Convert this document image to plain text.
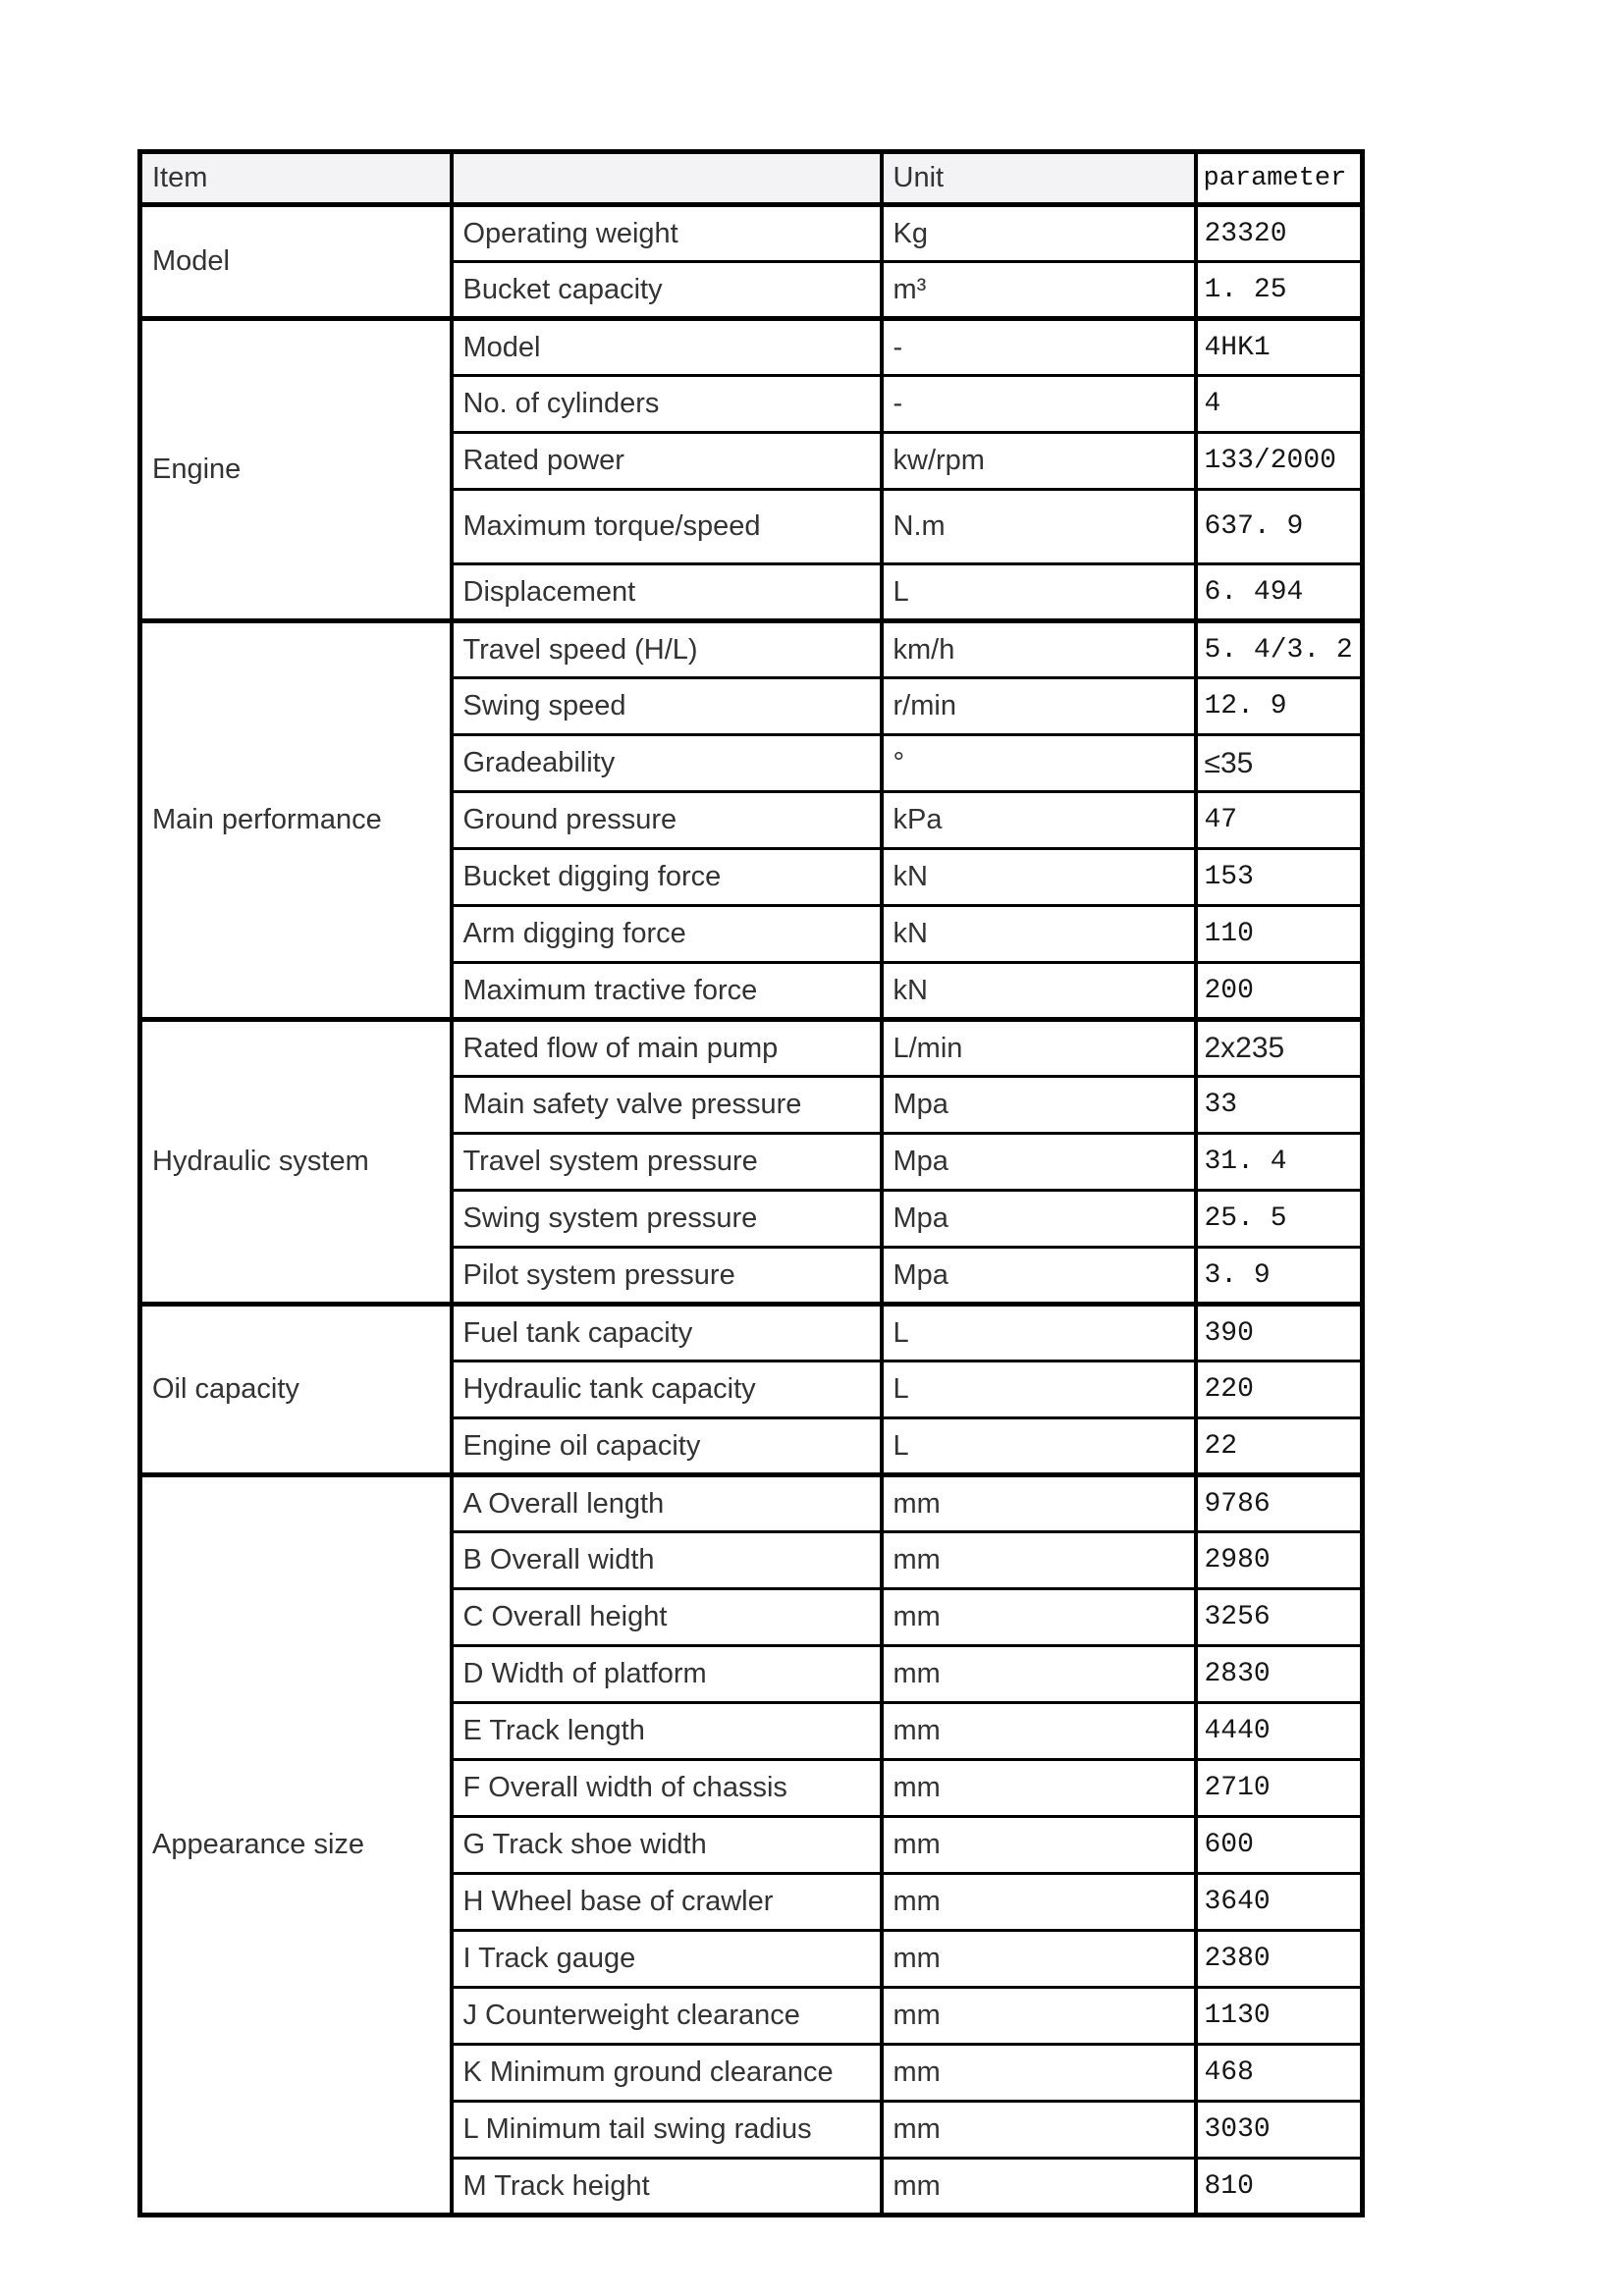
Item		Unit	parameter
Model	Operating weight	Kg	23320
	Bucket capacity	m³	1. 25
Engine	Model	-	4HK1
	No. of cylinders	-	4
	Rated power	kw/rpm	133/2000
	Maximum torque/speed	N.m	637. 9
	Displacement	L	6. 494
Main performance	Travel speed (H/L)	km/h	5. 4/3. 2
	Swing speed	r/min	12. 9
	Gradeability	°	≤35
	Ground pressure	kPa	47
	Bucket digging force	kN	153
	Arm digging force	kN	110
	Maximum tractive force	kN	200
Hydraulic system	Rated flow of main pump	L/min	2x235
	Main safety valve pressure	Mpa	33
	Travel system pressure	Mpa	31. 4
	Swing system pressure	Mpa	25. 5
	Pilot system pressure	Mpa	3. 9
Oil capacity	Fuel tank capacity	L	390
	Hydraulic tank capacity	L	220
	Engine oil capacity	L	22
Appearance size	A Overall length	mm	9786
	B Overall width	mm	2980
	C Overall height	mm	3256
	D Width of platform	mm	2830
	E Track length	mm	4440
	F Overall width of chassis	mm	2710
	G Track shoe width	mm	600
	H Wheel base of crawler	mm	3640
	I Track gauge	mm	2380
	J Counterweight clearance	mm	1130
	K Minimum ground clearance	mm	468
	L Minimum tail swing radius	mm	3030
	M Track height	mm	810
